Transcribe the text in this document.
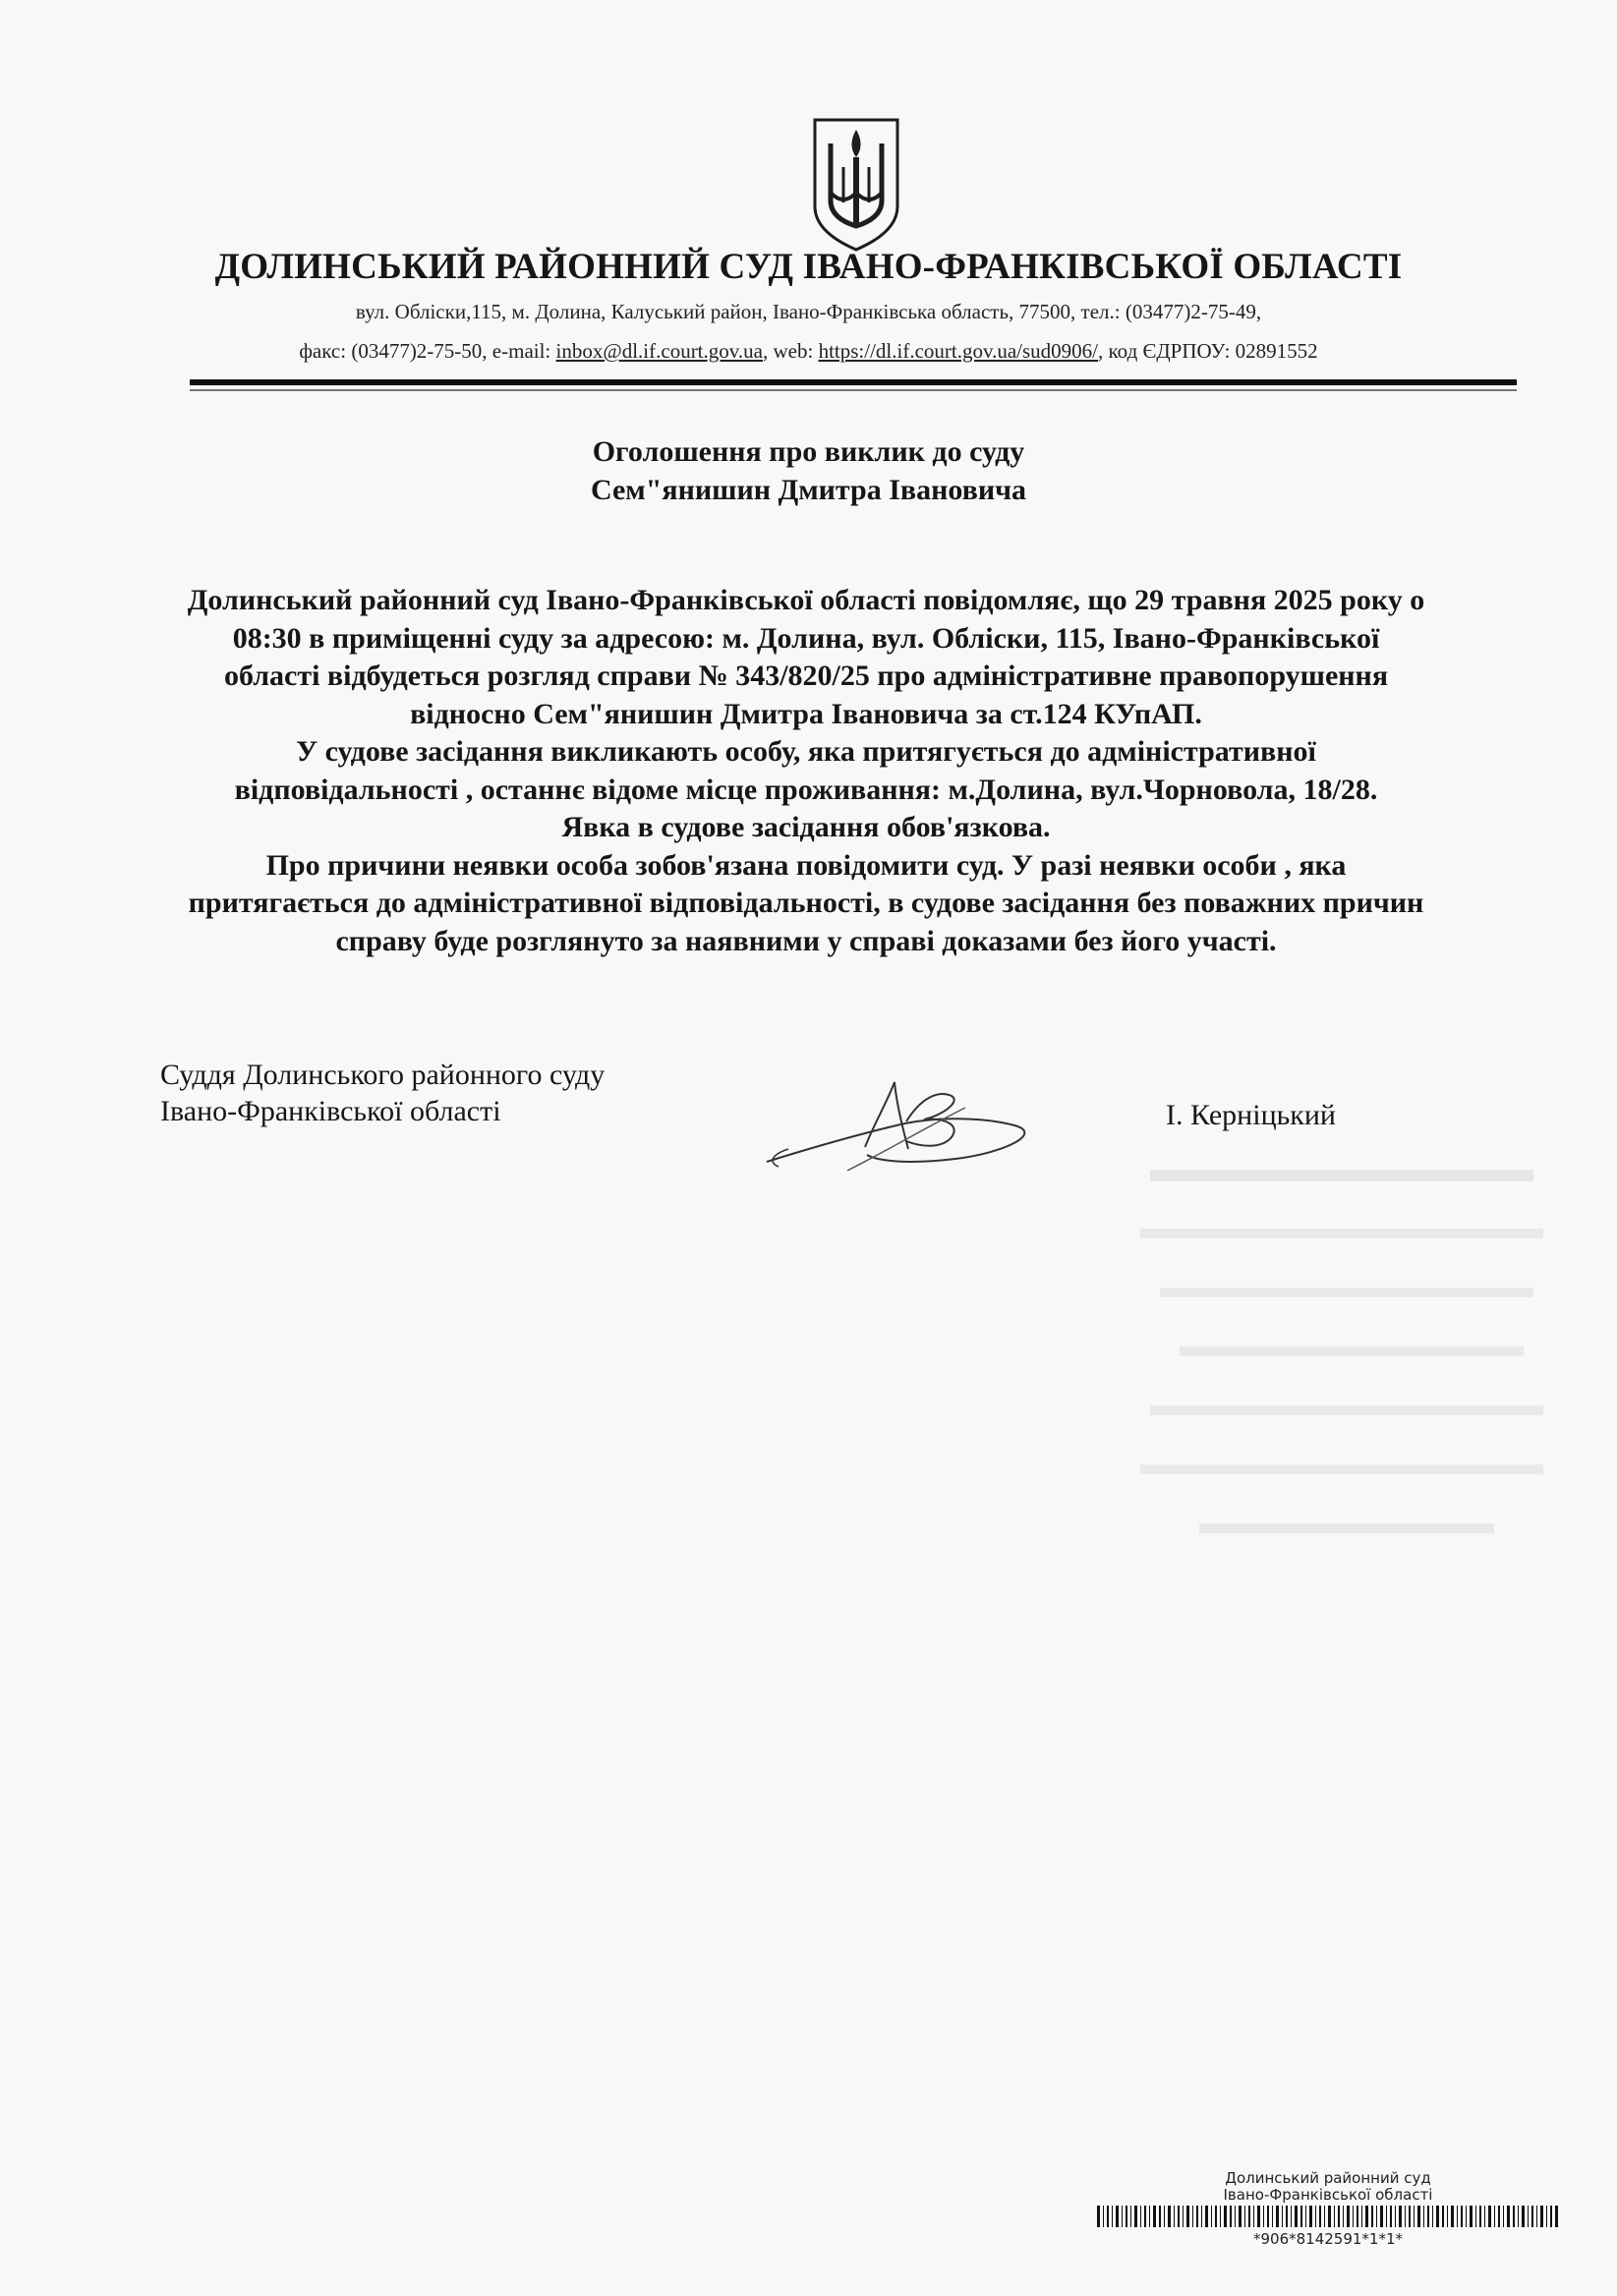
ДОЛИНСЬКИЙ РАЙОННИЙ СУД ІВАНО-ФРАНКІВСЬКОЇ ОБЛАСТІ
вул. Обліски,115, м. Долина, Калуський район, Івано-Франківська область, 77500, тел.: (03477)2-75-49,
факс: (03477)2-75-50, e-mail: inbox@dl.if.court.gov.ua, web: https://dl.if.court.gov.ua/sud0906/, код ЄДРПОУ: 02891552
Оголошення про виклик до суду
Сем"янишин Дмитра Івановича
Долинський районний суд Івано-Франківської області повідомляє, що 29 травня 2025 року о
08:30 в приміщенні суду за адресою: м. Долина, вул. Обліски, 115, Івано-Франківської
області відбудеться розгляд справи № 343/820/25 про адміністративне правопорушення
відносно Сем"янишин Дмитра Івановича за ст.124 КУпАП.
У судове засідання викликають особу, яка притягується до адміністративної
відповідальності , останнє відоме місце проживання: м.Долина, вул.Чорновола, 18/28.
Явка в судове засідання обов'язкова.
Про причини неявки особа зобов'язана повідомити суд. У разі неявки особи , яка
притягається до адміністративної відповідальності, в судове засідання без поважних причин
справу буде розглянуто за наявними у справі доказами без його участі.
Суддя Долинського районного суду
Івано-Франківської області	І. Керніцький
Долинський районний суд
Івано-Франківської області
*906*8142591*1*1*
